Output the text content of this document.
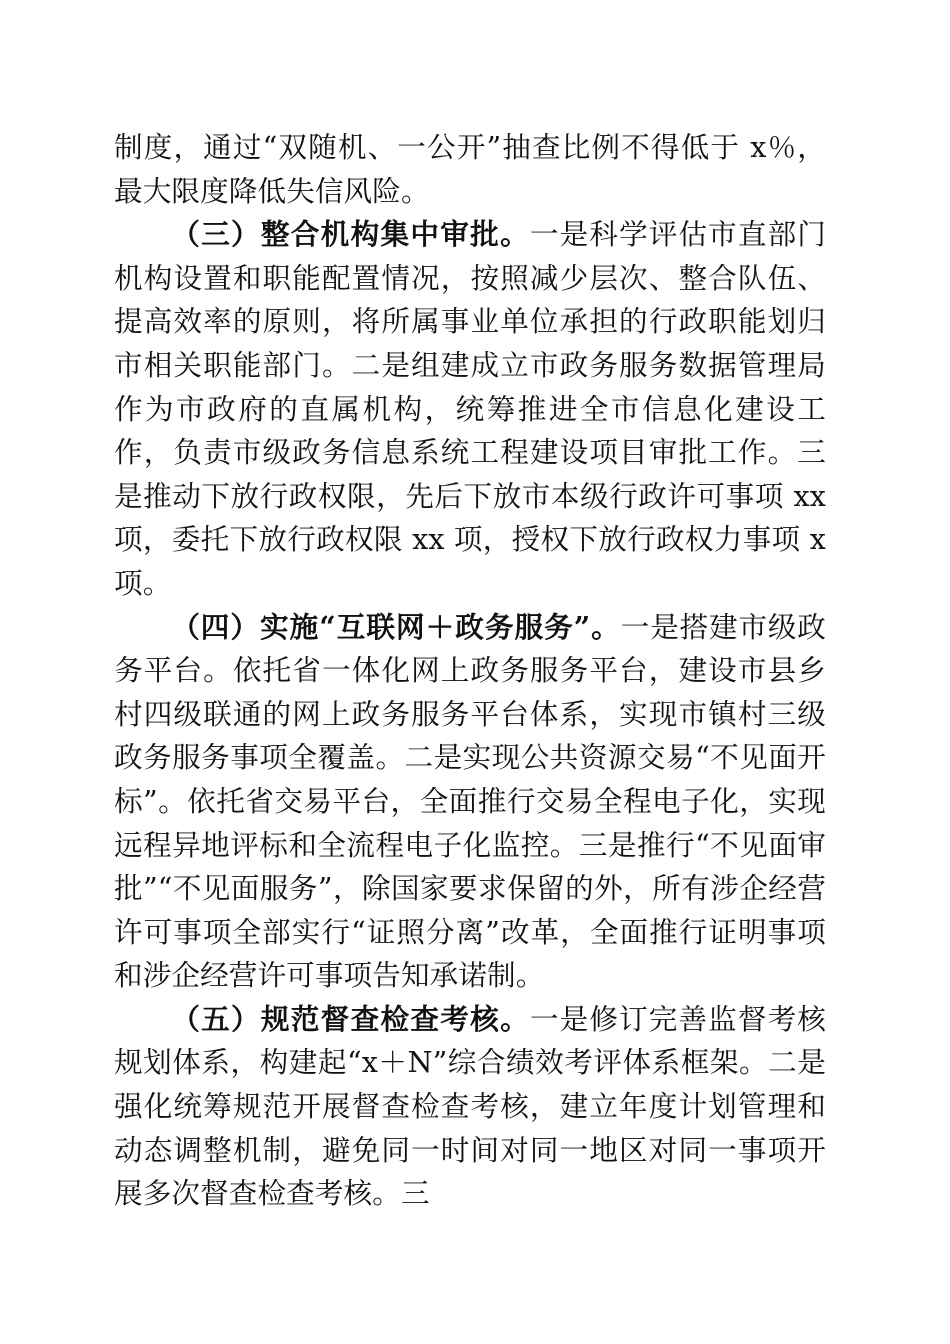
制度，通过“双随机、一公开”抽查比例不得低于 x％，最大限度降低失信风险。

（三）整合机构集中审批。一是科学评估市直部门机构设置和职能配置情况，按照减少层次、整合队伍、提高效率的原则，将所属事业单位承担的行政职能划归市相关职能部门。二是组建成立市政务服务数据管理局作为市政府的直属机构，统筹推进全市信息化建设工作，负责市级政务信息系统工程建设项目审批工作。三是推动下放行政权限，先后下放市本级行政许可事项 xx 项，委托下放行政权限 xx 项，授权下放行政权力事项 x 项。

（四）实施“互联网＋政务服务”。一是搭建市级政务平台。依托省一体化网上政务服务平台，建设市县乡村四级联通的网上政务服务平台体系，实现市镇村三级政务服务事项全覆盖。二是实现公共资源交易“不见面开标”。依托省交易平台，全面推行交易全程电子化，实现远程异地评标和全流程电子化监控。三是推行“不见面审批”“不见面服务”，除国家要求保留的外，所有涉企经营许可事项全部实行“证照分离”改革，全面推行证明事项和涉企经营许可事项告知承诺制。

（五）规范督查检查考核。一是修订完善监督考核规划体系，构建起“x＋N”综合绩效考评体系框架。二是强化统筹规范开展督查检查考核，建立年度计划管理和动态调整机制，避免同一时间对同一地区对同一事项开展多次督查检查考核。三
